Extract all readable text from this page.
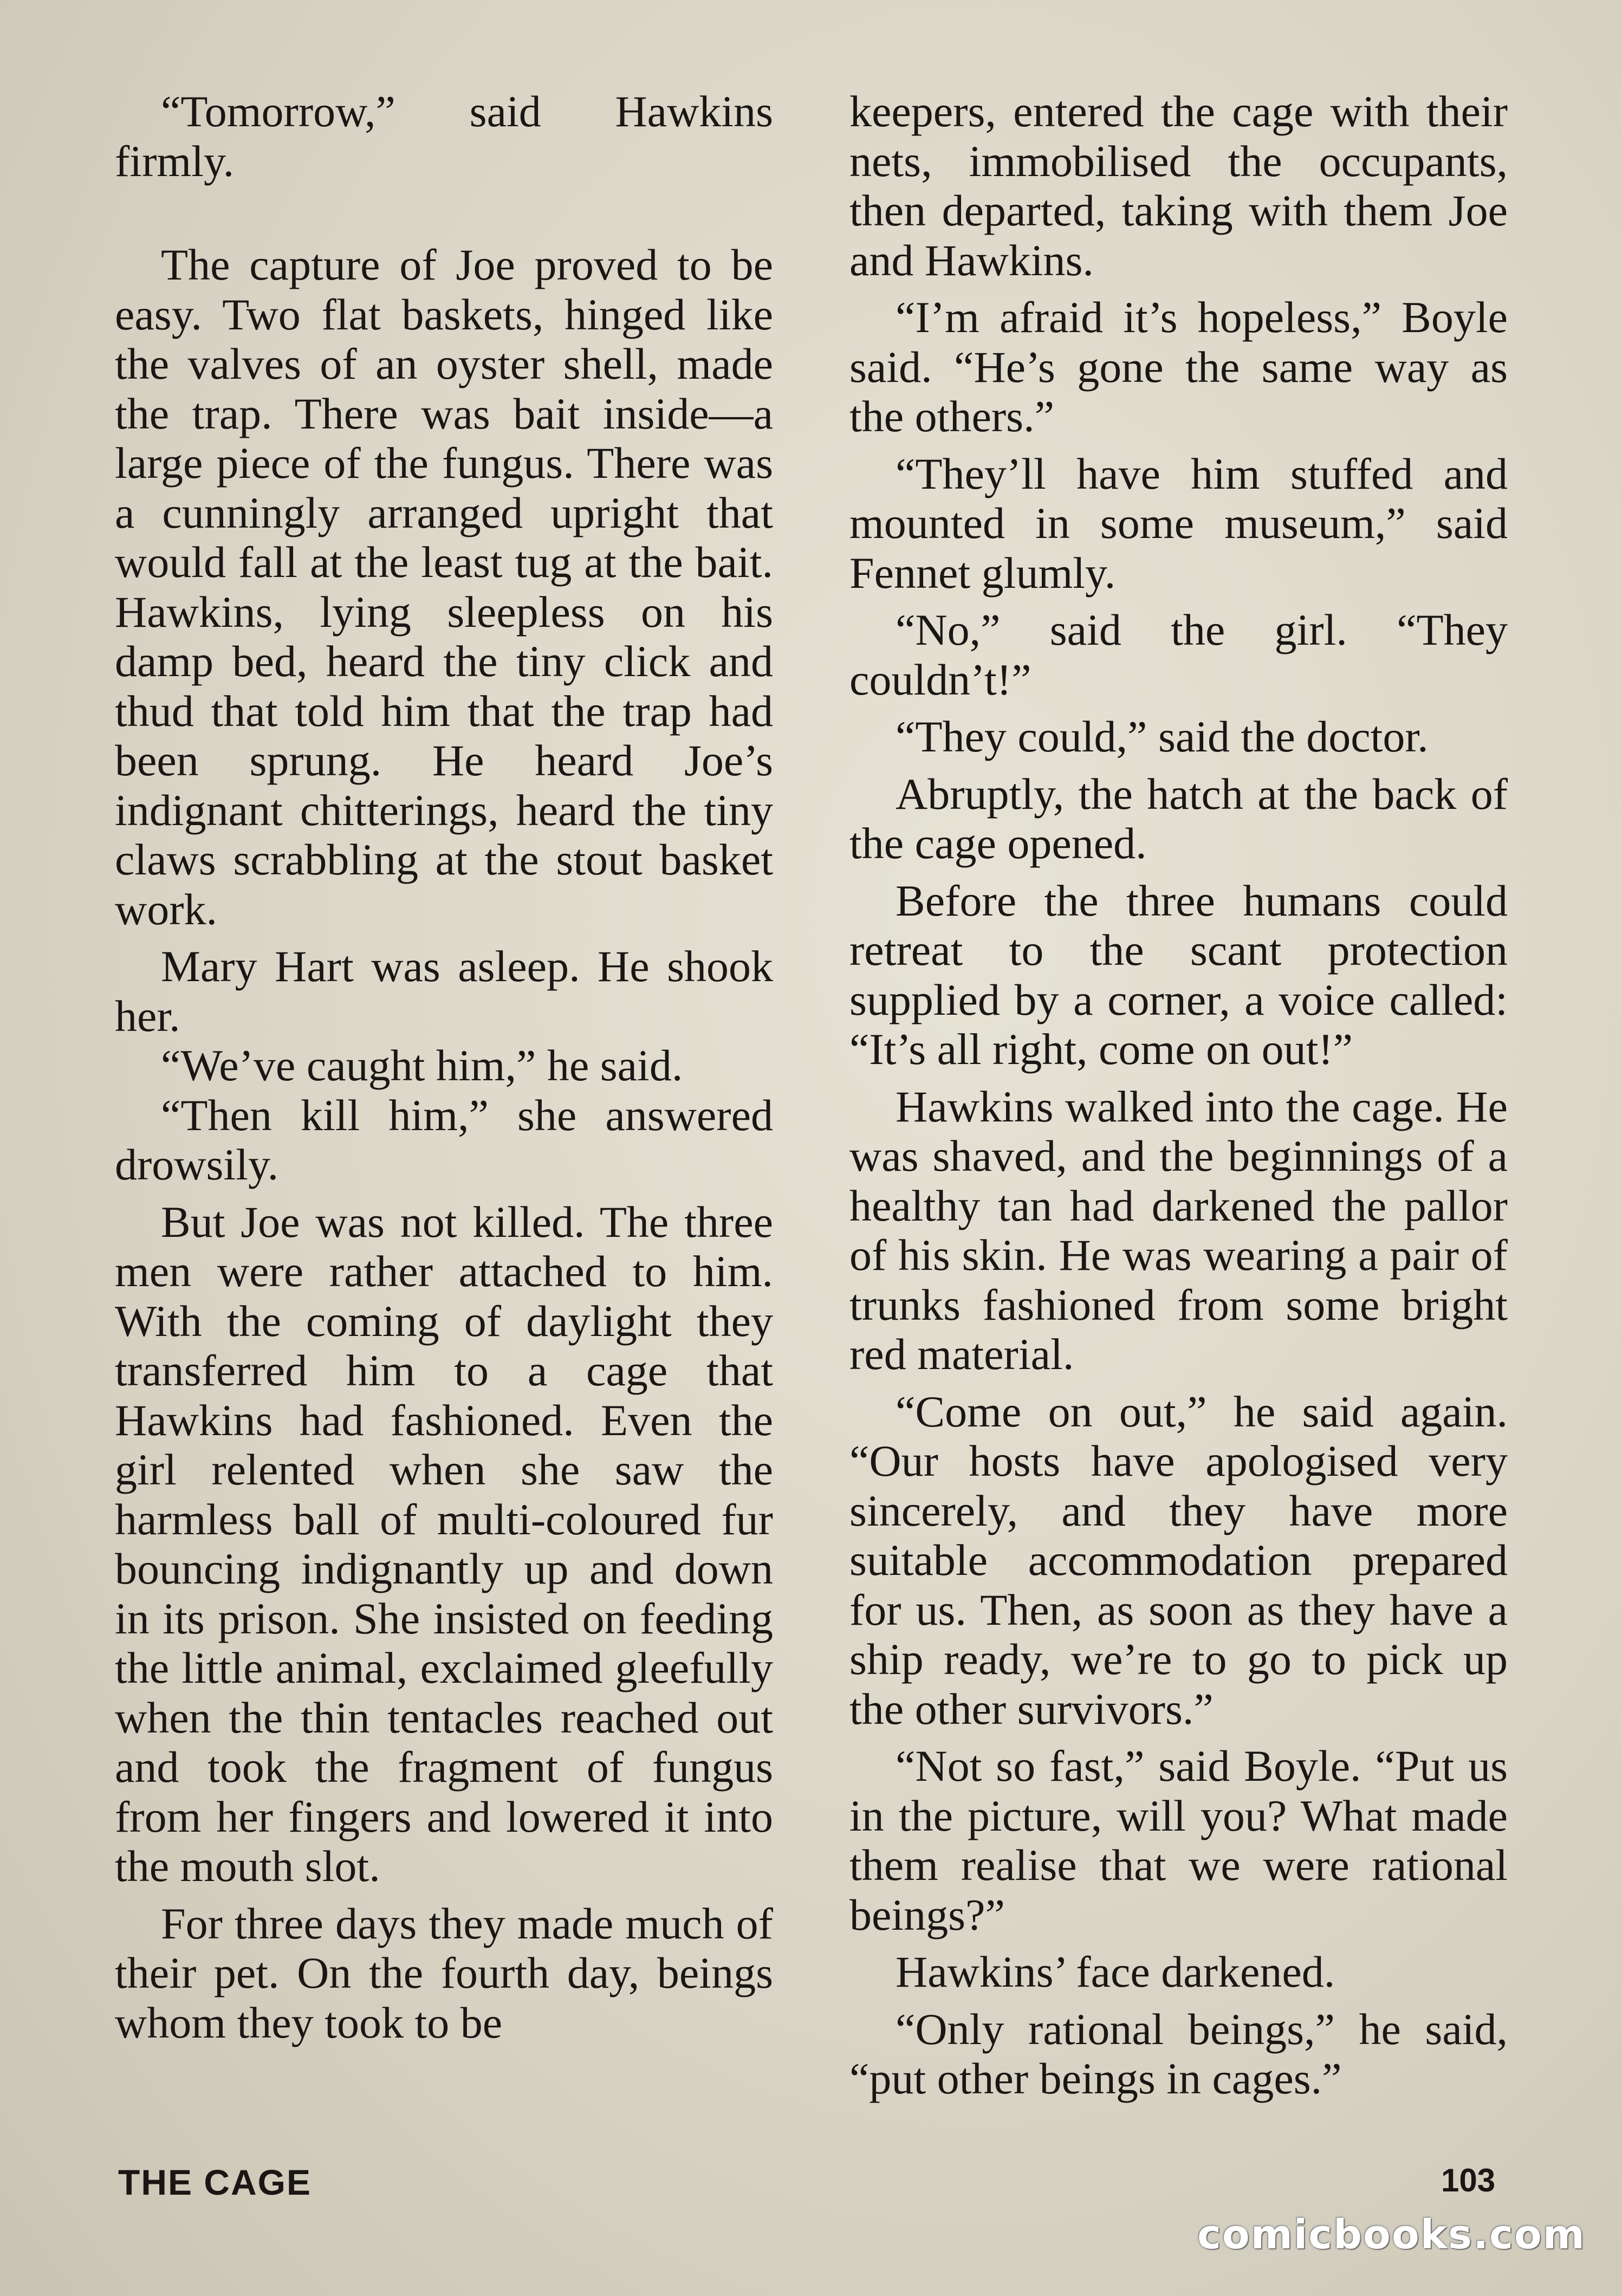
“Tomorrow,” said Hawkins firmly.

The capture of Joe proved to be easy. Two flat baskets, hinged like the valves of an oyster shell, made the trap. There was bait inside—a large piece of the fungus. There was a cunningly arranged upright that would fall at the least tug at the bait. Hawkins, lying sleepless on his damp bed, heard the tiny click and thud that told him that the trap had been sprung. He heard Joe’s indignant chitterings, heard the tiny claws scrabbling at the stout basket work.

Mary Hart was asleep. He shook her.

“We’ve caught him,” he said.

“Then kill him,” she answered drowsily.

But Joe was not killed. The three men were rather attached to him. With the coming of daylight they transferred him to a cage that Hawkins had fashioned. Even the girl relented when she saw the harmless ball of multi-coloured fur bouncing indignantly up and down in its prison. She insisted on feeding the little animal, exclaimed gleefully when the thin tentacles reached out and took the fragment of fungus from her fingers and lowered it into the mouth slot.

For three days they made much of their pet. On the fourth day, beings whom they took to be

keepers, entered the cage with their nets, immobilised the occupants, then departed, taking with them Joe and Hawkins.

“I’m afraid it’s hopeless,” Boyle said. “He’s gone the same way as the others.”

“They’ll have him stuffed and mounted in some museum,” said Fennet glumly.

“No,” said the girl. “They couldn’t!”

“They could,” said the doctor.

Abruptly, the hatch at the back of the cage opened.

Before the three humans could retreat to the scant protection supplied by a corner, a voice called: “It’s all right, come on out!”

Hawkins walked into the cage. He was shaved, and the beginnings of a healthy tan had darkened the pallor of his skin. He was wearing a pair of trunks fashioned from some bright red material.

“Come on out,” he said again. “Our hosts have apologised very sincerely, and they have more suitable accommodation prepared for us. Then, as soon as they have a ship ready, we’re to go to pick up the other survivors.”

“Not so fast,” said Boyle. “Put us in the picture, will you? What made them realise that we were rational beings?”

Hawkins’ face darkened.

“Only rational beings,” he said, “put other beings in cages.”

THE CAGE	103
comicbooks.com
